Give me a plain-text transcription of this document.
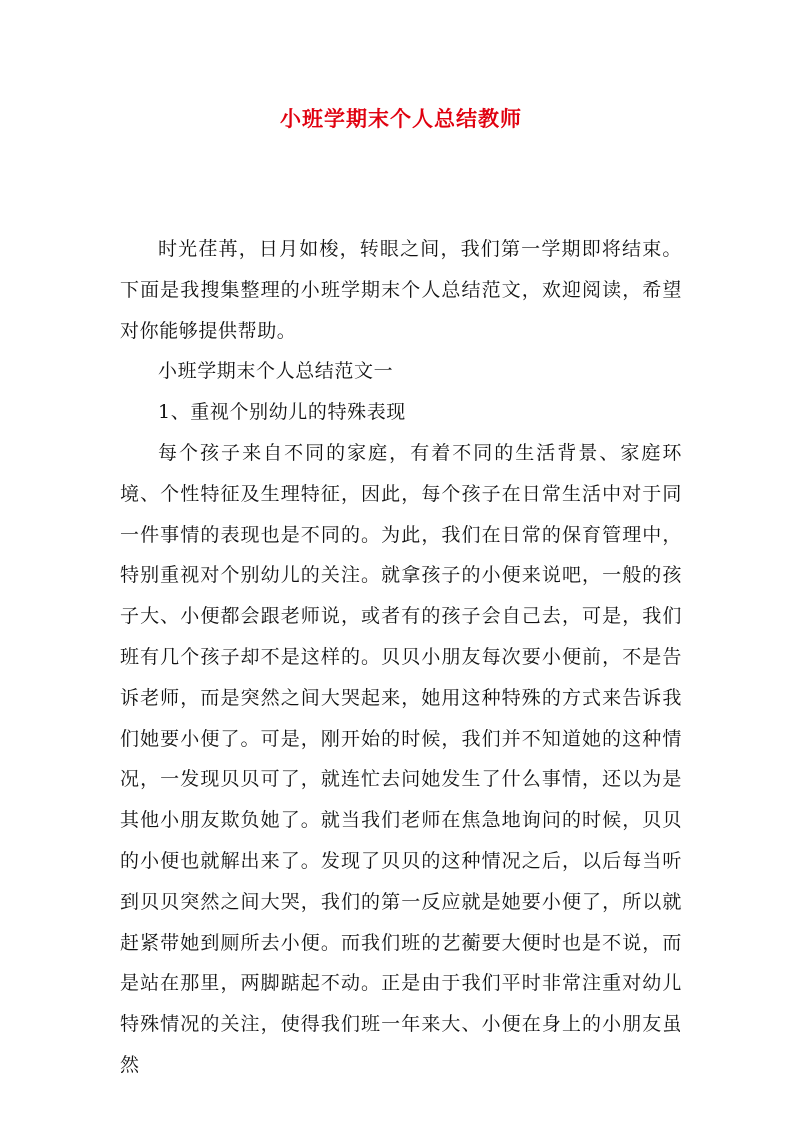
小班学期末个人总结教师

时光荏苒，日月如梭，转眼之间，我们第一学期即将结束。下面是我搜集整理的小班学期末个人总结范文，欢迎阅读，希望对你能够提供帮助。

小班学期末个人总结范文一

1、重视个别幼儿的特殊表现

每个孩子来自不同的家庭，有着不同的生活背景、家庭环境、个性特征及生理特征，因此，每个孩子在日常生活中对于同一件事情的表现也是不同的。为此，我们在日常的保育管理中，特别重视对个别幼儿的关注。就拿孩子的小便来说吧，一般的孩子大、小便都会跟老师说，或者有的孩子会自己去，可是，我们班有几个孩子却不是这样的。贝贝小朋友每次要小便前，不是告诉老师，而是突然之间大哭起来，她用这种特殊的方式来告诉我们她要小便了。可是，刚开始的时候，我们并不知道她的这种情况，一发现贝贝可了，就连忙去问她发生了什么事情，还以为是其他小朋友欺负她了。就当我们老师在焦急地询问的时候，贝贝的小便也就解出来了。发现了贝贝的这种情况之后，以后每当听到贝贝突然之间大哭，我们的第一反应就是她要小便了，所以就赶紧带她到厕所去小便。而我们班的艺蘅要大便时也是不说，而是站在那里，两脚踮起不动。正是由于我们平时非常注重对幼儿特殊情况的关注，使得我们班一年来大、小便在身上的小朋友虽然
